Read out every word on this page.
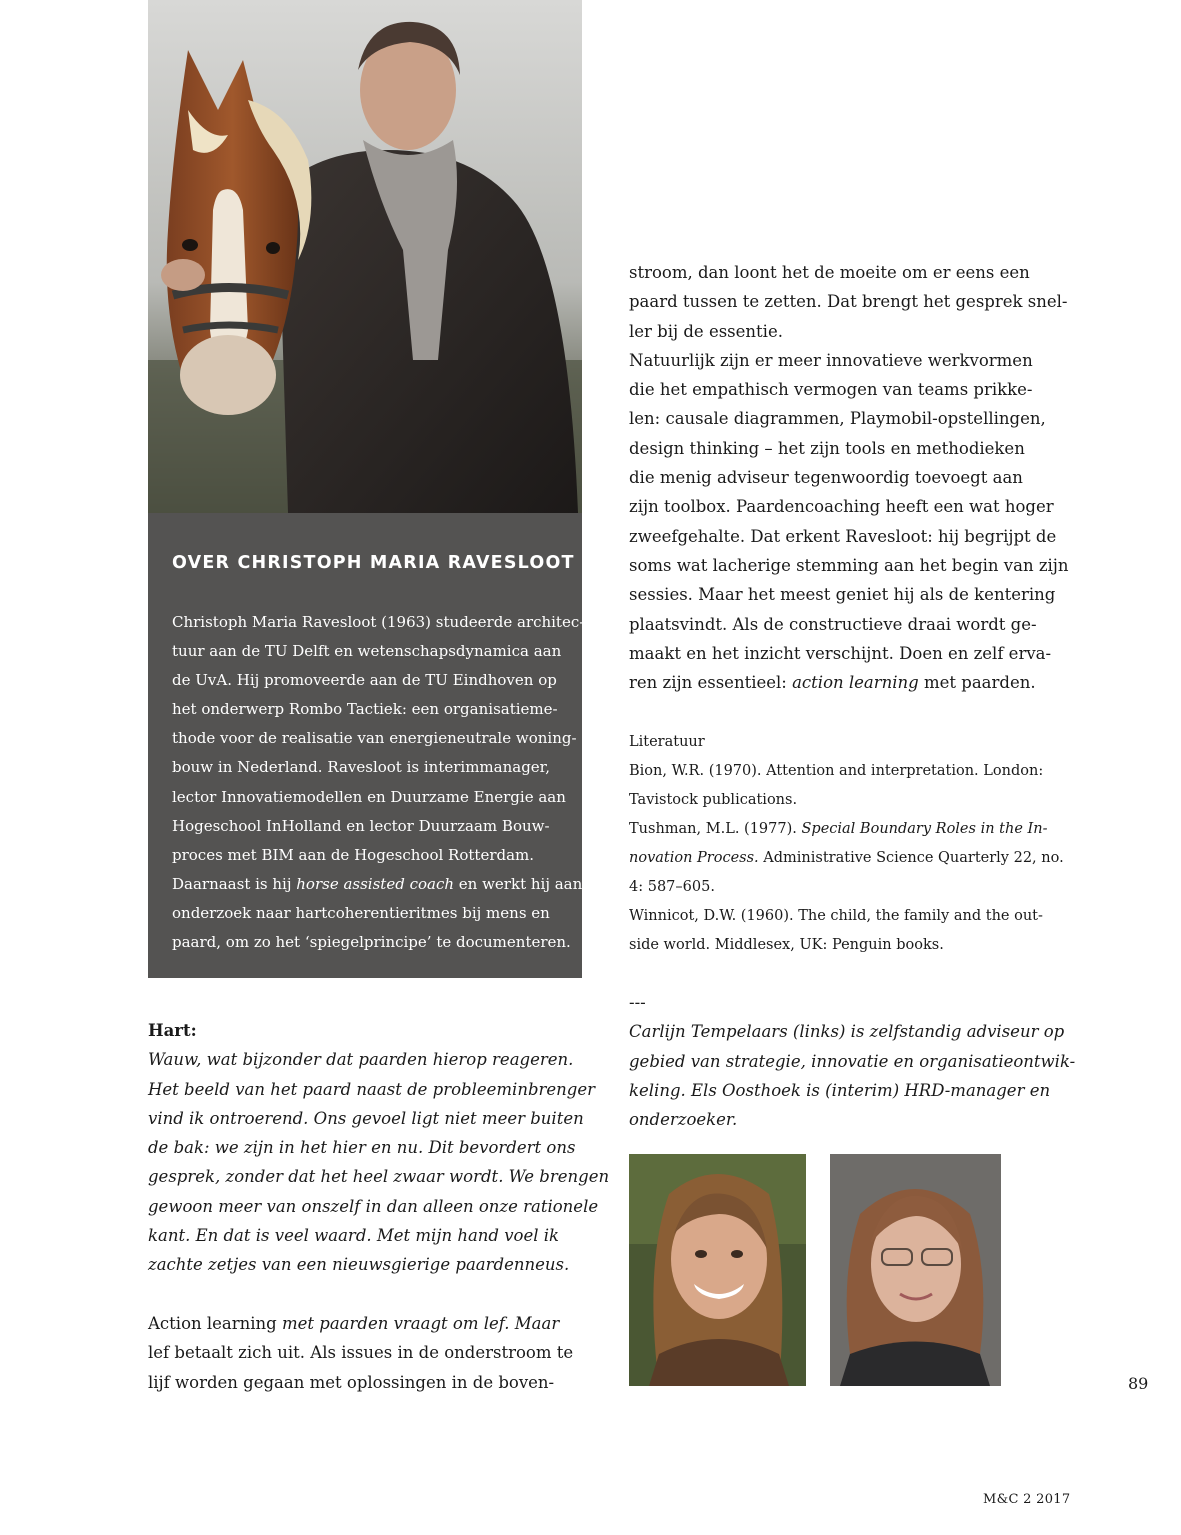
OVER CHRISTOPH MARIA RAVESLOOT
Christoph Maria Ravesloot (1963) studeerde architec-
tuur aan de TU Delft en wetenschapsdynamica aan
de UvA. Hij promoveerde aan de TU Eindhoven op
het onderwerp Rombo Tactiek: een organisatieme-
thode voor de realisatie van energieneutrale woning-
bouw in Nederland. Ravesloot is interimmanager,
lector Innovatiemodellen en Duurzame Energie aan
Hogeschool InHolland en lector Duurzaam Bouw-
proces met BIM aan de Hogeschool Rotterdam.
Daarnaast is hij horse assisted coach en werkt hij aan
onderzoek naar hartcoherentieritmes bij mens en
paard, om zo het ‘spiegelprincipe’ te documenteren.
Hart:
Wauw, wat bijzonder dat paarden hierop reageren.
Het beeld van het paard naast de probleeminbrenger
vind ik ontroerend. Ons gevoel ligt niet meer buiten
de bak: we zijn in het hier en nu. Dit bevordert ons
gesprek, zonder dat het heel zwaar wordt. We brengen
gewoon meer van onszelf in dan alleen onze rationele
kant. En dat is veel waard. Met mijn hand voel ik
zachte zetjes van een nieuwsgierige paardenneus.
Action learning met paarden vraagt om lef. Maar
lef betaalt zich uit. Als issues in de onderstroom te
lijf worden gegaan met oplossingen in de boven-
stroom, dan loont het de moeite om er eens een
paard tussen te zetten. Dat brengt het gesprek snel-
ler bij de essentie.
Natuurlijk zijn er meer innovatieve werkvormen
die het empathisch vermogen van teams prikke-
len: causale diagrammen, Playmobil-opstellingen,
design thinking – het zijn tools en methodieken
die menig adviseur tegenwoordig toevoegt aan
zijn toolbox. Paardencoaching heeft een wat hoger
zweefgehalte. Dat erkent Ravesloot: hij begrijpt de
soms wat lacherige stemming aan het begin van zijn
sessies. Maar het meest geniet hij als de kentering
plaatsvindt. Als de constructieve draai wordt ge-
maakt en het inzicht verschijnt. Doen en zelf erva-
ren zijn essentieel: action learning met paarden.
Literatuur
Bion, W.R. (1970). Attention and interpretation. London:
Tavistock publications.
Tushman, M.L. (1977). Special Boundary Roles in the In-
novation Process. Administrative Science Quarterly 22, no.
4: 587–605.
Winnicot, D.W. (1960). The child, the family and the out-
side world. Middlesex, UK: Penguin books.
---
Carlijn Tempelaars (links) is zelfstandig adviseur op
gebied van strategie, innovatie en organisatieontwik-
keling. Els Oosthoek is (interim) HRD-manager en
onderzoeker.
89
M&C 2 2017
